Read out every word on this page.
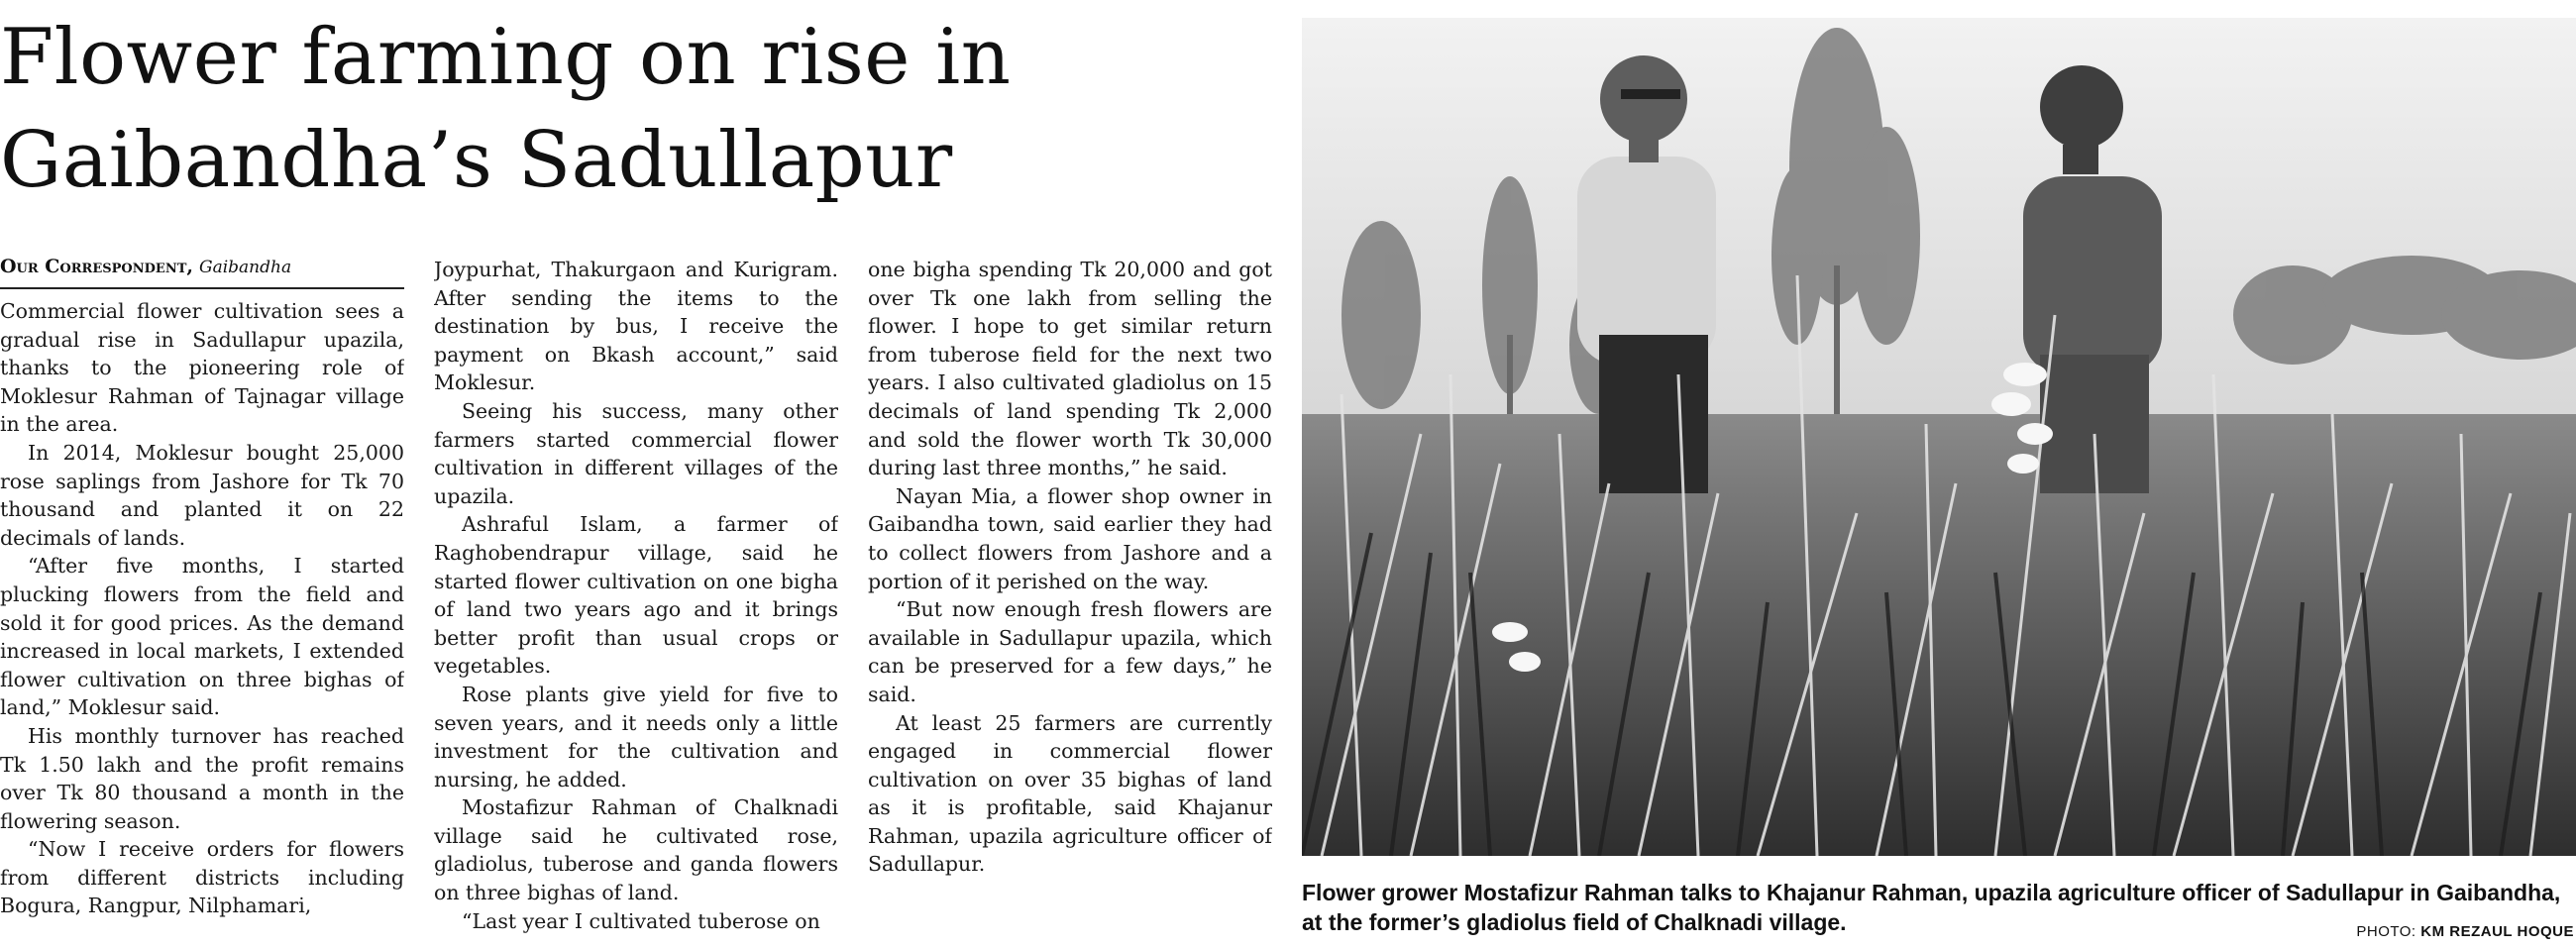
Flower farming on rise in
Gaibandha’s Sadullapur
Our Correspondent, Gaibandha

Commercial flower cultivation sees a gradual rise in Sadullapur upazila, thanks to the pioneering role of Moklesur Rahman of Tajnagar village in the area.

In 2014, Moklesur bought 25,000 rose saplings from Jashore for Tk 70 thousand and planted it on 22 decimals of lands.

“After five months, I started plucking flowers from the field and sold it for good prices. As the demand increased in local markets, I extended flower cultivation on three bighas of land,” Moklesur said.

His monthly turnover has reached Tk 1.50 lakh and the profit remains over Tk 80 thousand a month in the flowering season.

“Now I receive orders for flowers from different districts including Bogura, Rangpur, Nilphamari,

Joypurhat, Thakurgaon and Kurigram. After sending the items to the destination by bus, I receive the payment on Bkash account,” said Moklesur.

Seeing his success, many other farmers started commercial flower cultivation in different villages of the upazila.

Ashraful Islam, a farmer of Raghobendrapur village, said he started flower cultivation on one bigha of land two years ago and it brings better profit than usual crops or vegetables.

Rose plants give yield for five to seven years, and it needs only a little investment for the cultivation and nursing, he added.

Mostafizur Rahman of Chalknadi village said he cultivated rose, gladiolus, tuberose and ganda flowers on three bighas of land.

“Last year I cultivated tuberose on

one bigha spending Tk 20,000 and got over Tk one lakh from selling the flower. I hope to get similar return from tuberose field for the next two years. I also cultivated gladiolus on 15 decimals of land spending Tk 2,000 and sold the flower worth Tk 30,000 during last three months,” he said.

Nayan Mia, a flower shop owner in Gaibandha town, said earlier they had to collect flowers from Jashore and a portion of it perished on the way.

“But now enough fresh flowers are available in Sadullapur upazila, which can be preserved for a few days,” he said.

At least 25 farmers are currently engaged in commercial flower cultivation on over 35 bighas of land as it is profitable, said Khajanur Rahman, upazila agriculture officer of Sadullapur.

Flower grower Mostafizur Rahman talks to Khajanur Rahman, upazila agriculture officer of Sadullapur in Gaibandha,
at the former’s gladiolus field of Chalknadi village.	PHOTO: KM REZAUL HOQUE
